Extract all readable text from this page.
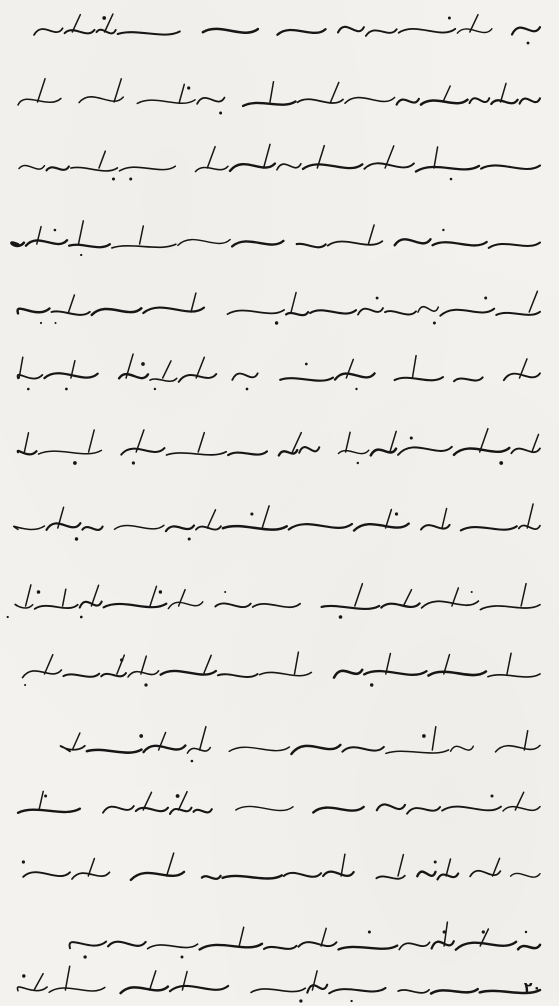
۲۰
